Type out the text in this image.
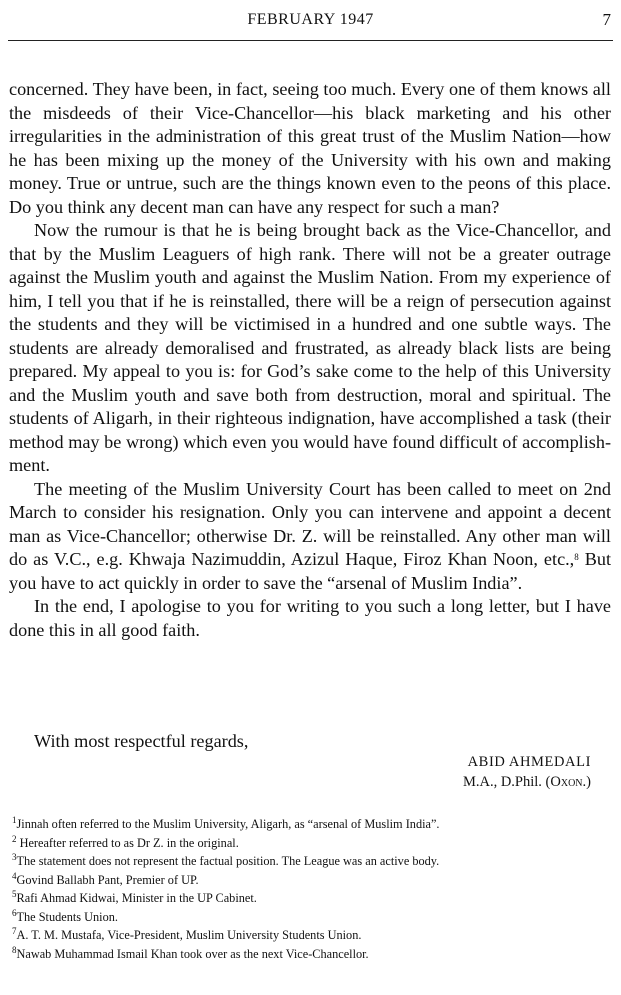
FEBRUARY 1947	7

concerned. They have been, in fact, seeing too much. Every one of them knows all the misdeeds of their Vice-Chancellor—his black marketing and his other irregularities in the administration of this great trust of the Muslim Nation—how he has been mixing up the money of the University with his own and making money. True or untrue, such are the things known even to the peons of this place. Do you think any decent man can have any respect for such a man?

Now the rumour is that he is being brought back as the Vice-Chancellor, and that by the Muslim Leaguers of high rank. There will not be a greater outrage against the Muslim youth and against the Muslim Nation. From my experience of him, I tell you that if he is reinstalled, there will be a reign of persecution against the students and they will be victimised in a hundred and one subtle ways. The students are already demoralised and frustrated, as already black lists are being prepared. My appeal to you is: for God’s sake come to the help of this University and the Muslim youth and save both from destruction, moral and spiritual. The students of Aligarh, in their righteous indignation, have accomplished a task (their method may be wrong) which even you would have found difficult of accomplishment.

The meeting of the Muslim University Court has been called to meet on 2nd March to consider his resignation. Only you can intervene and appoint a decent man as Vice-Chancellor; otherwise Dr. Z. will be reinstalled. Any other man will do as V.C., e.g. Khwaja Nazimuddin, Azizul Haque, Firoz Khan Noon, etc.,$^8$ But you have to act quickly in order to save the “arsenal of Muslim India”.

In the end, I apologise to you for writing to you such a long letter, but I have done this in all good faith.

With most respectful regards,
ABID AHMEDALI
M.A., D.Phil. (Oxon.)
$^1$Jinnah often referred to the Muslim University, Aligarh, as “arsenal of Muslim India”.
$^2$ Hereafter referred to as Dr Z. in the original.
$^3$The statement does not represent the factual position. The League was an active body.
$^4$Govind Ballabh Pant, Premier of UP.
$^5$Rafi Ahmad Kidwai, Minister in the UP Cabinet.
$^6$The Students Union.
$^7$A. T. M. Mustafa, Vice-President, Muslim University Students Union.
$^8$Nawab Muhammad Ismail Khan took over as the next Vice-Chancellor.
